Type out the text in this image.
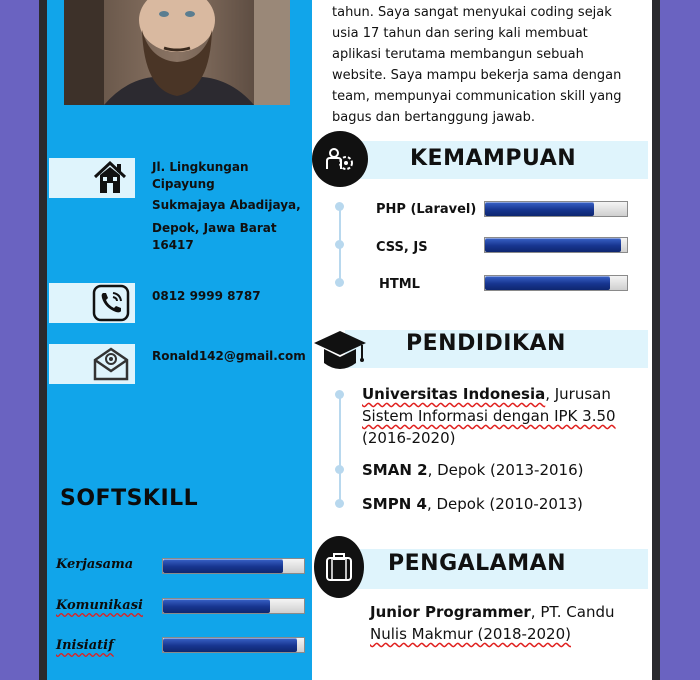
tahun. Saya sangat menyukai coding sejak
usia 17 tahun dan sering kali membuat
aplikasi terutama membangun sebuah
website. Saya mampu bekerja sama dengan
team, mempunyai communication skill yang
bagus dan bertanggung jawab.
Jl. Lingkungan
Cipayung
Sukmajaya Abadijaya,
Depok, Jawa Barat
16417
0812 9999 8787
Ronald142@gmail.com
KEMAMPUAN
PHP (Laravel)
CSS, JS
HTML
PENDIDIKAN
Universitas Indonesia, Jurusan
Sistem Informasi dengan IPK 3.50
(2016-2020)
SMAN 2, Depok (2013-2016)
SMPN 4, Depok (2010-2013)
PENGALAMAN
Junior Programmer, PT. Candu
Nulis Makmur (2018-2020)
SOFTSKILL
Kerjasama
Komunikasi
Inisiatif
